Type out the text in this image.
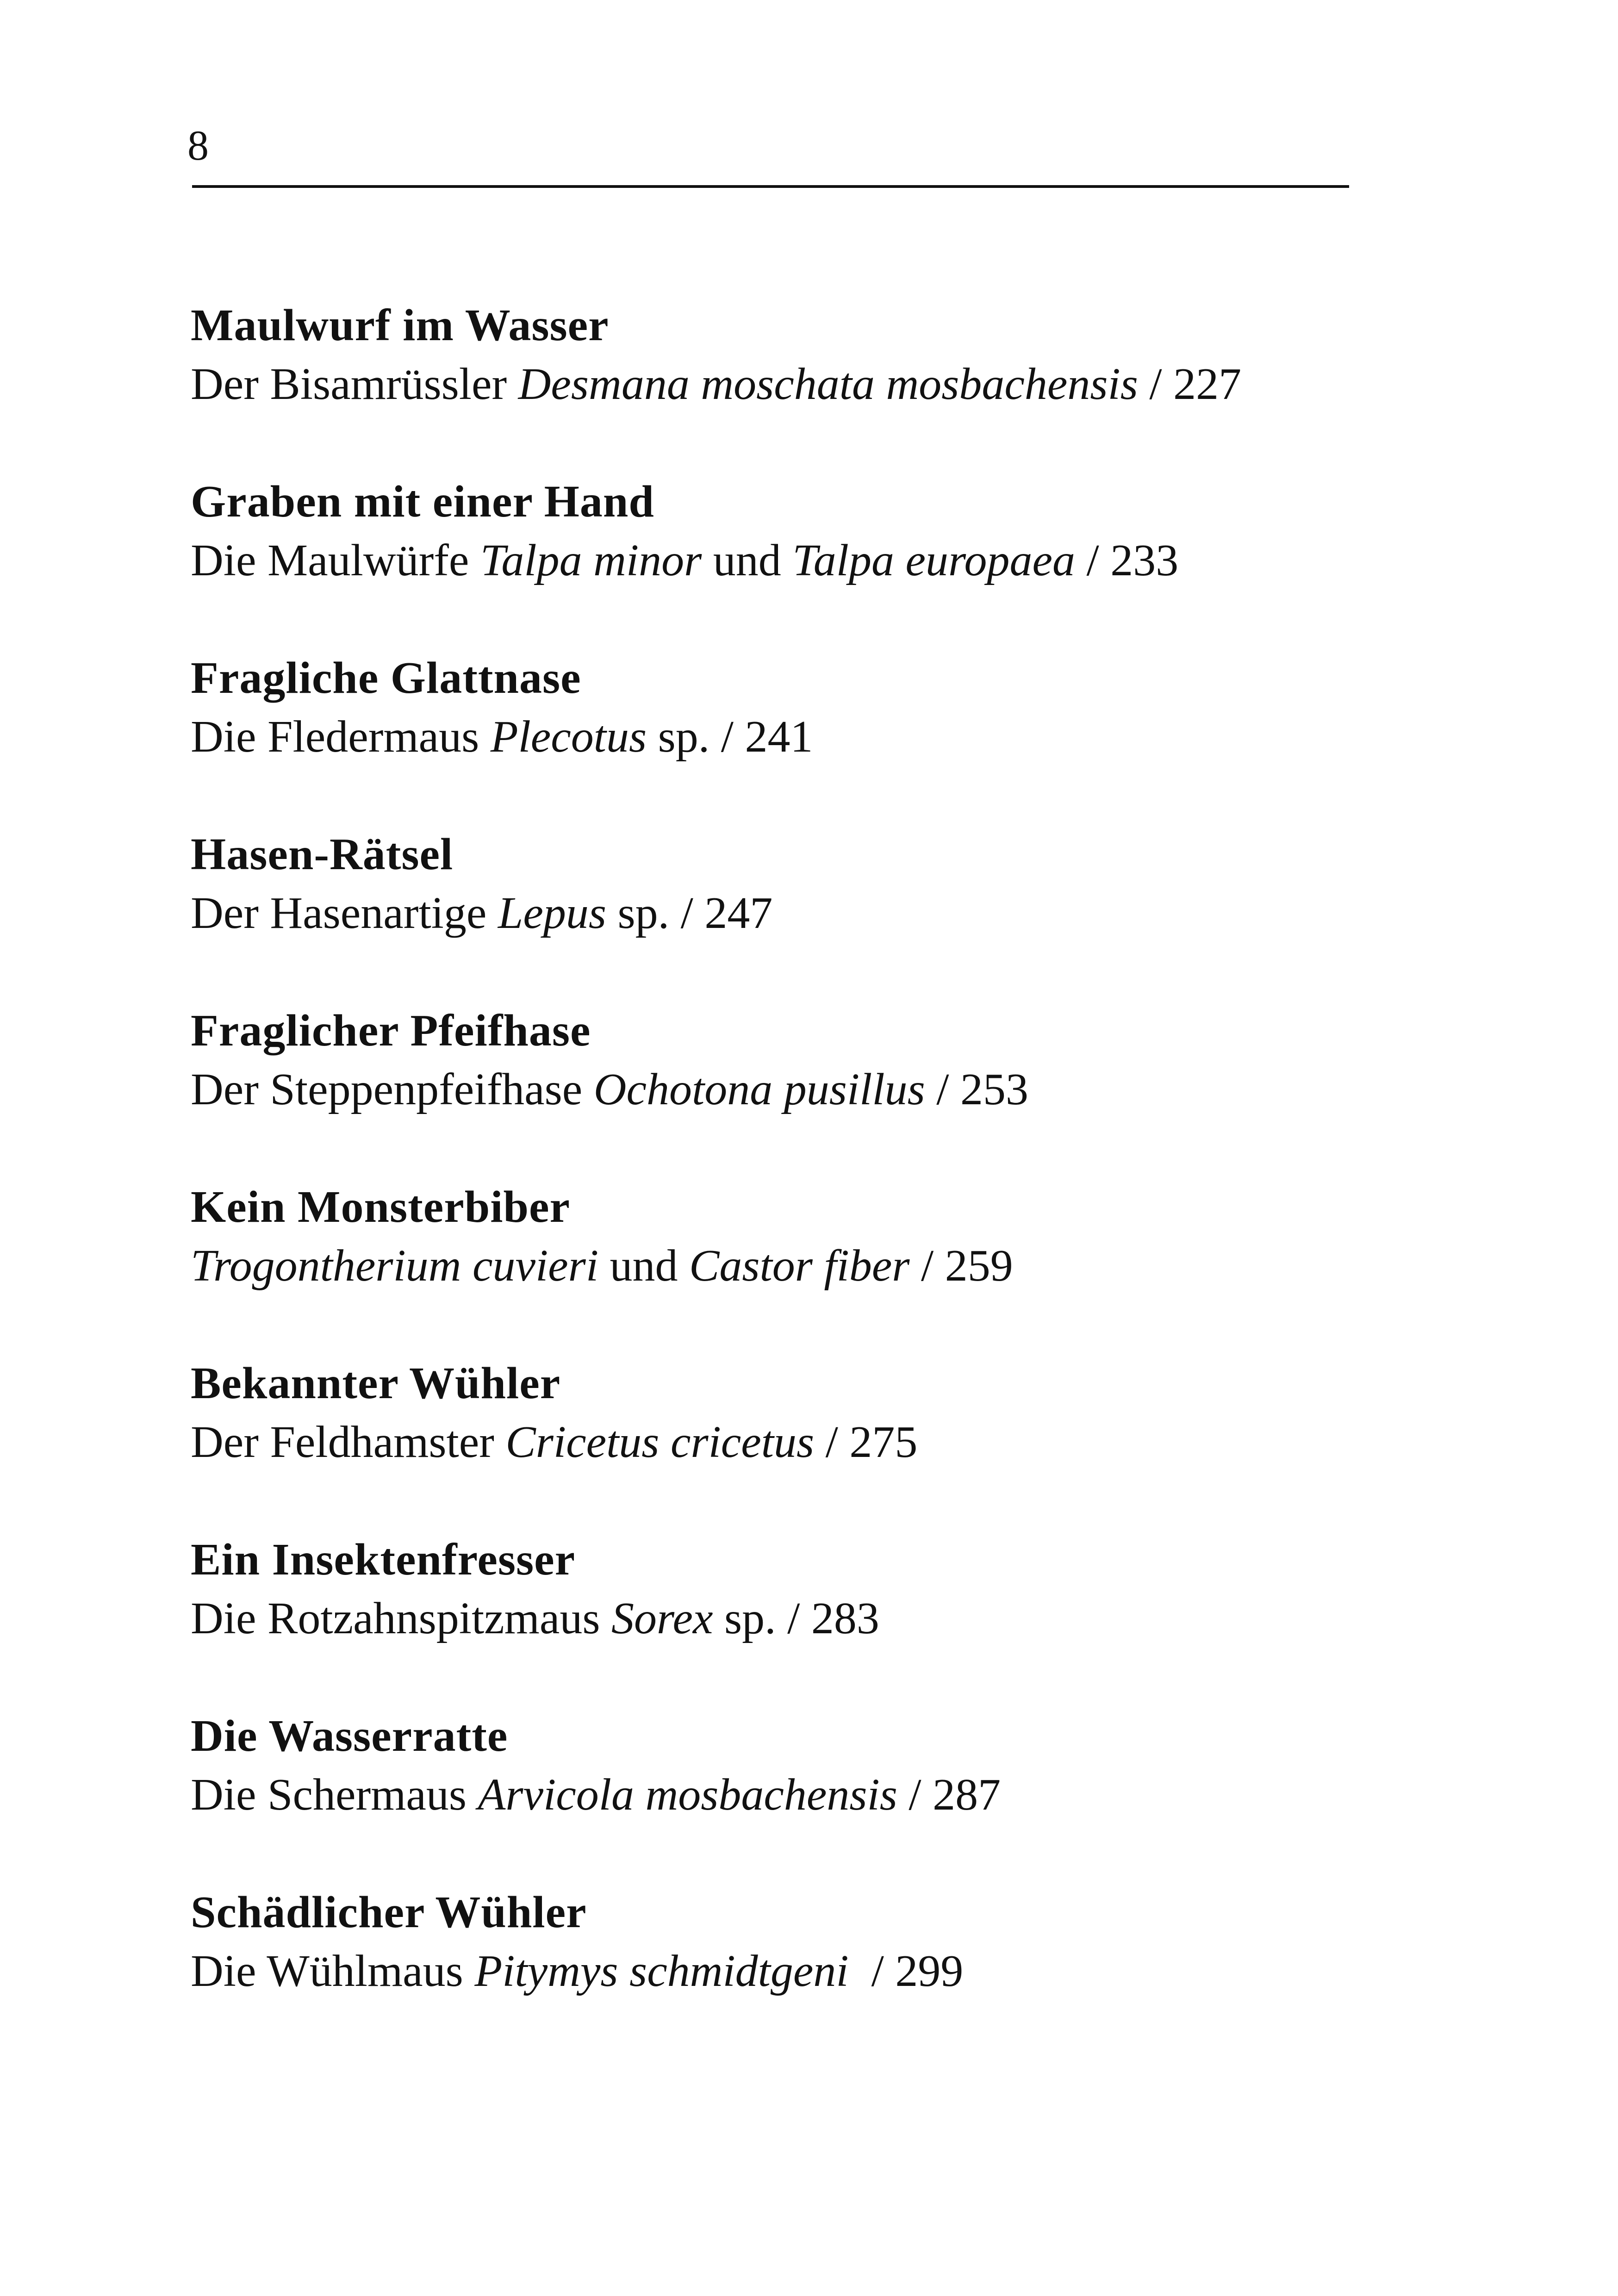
8
Maulwurf im Wasser
Der Bisamrüssler Desmana moschata mosbachensis / 227
Graben mit einer Hand
Die Maulwürfe Talpa minor und Talpa europaea / 233
Fragliche Glattnase
Die Fledermaus Plecotus sp. / 241
Hasen-Rätsel
Der Hasenartige Lepus sp. / 247
Fraglicher Pfeifhase
Der Steppenpfeifhase Ochotona pusillus / 253
Kein Monsterbiber
Trogontherium cuvieri und Castor fiber / 259
Bekannter Wühler
Der Feldhamster Cricetus cricetus / 275
Ein Insektenfresser
Die Rotzahnspitzmaus Sorex sp. / 283
Die Wasserratte
Die Schermaus Arvicola mosbachensis / 287
Schädlicher Wühler
Die Wühlmaus Pitymys schmidtgeni  / 299
